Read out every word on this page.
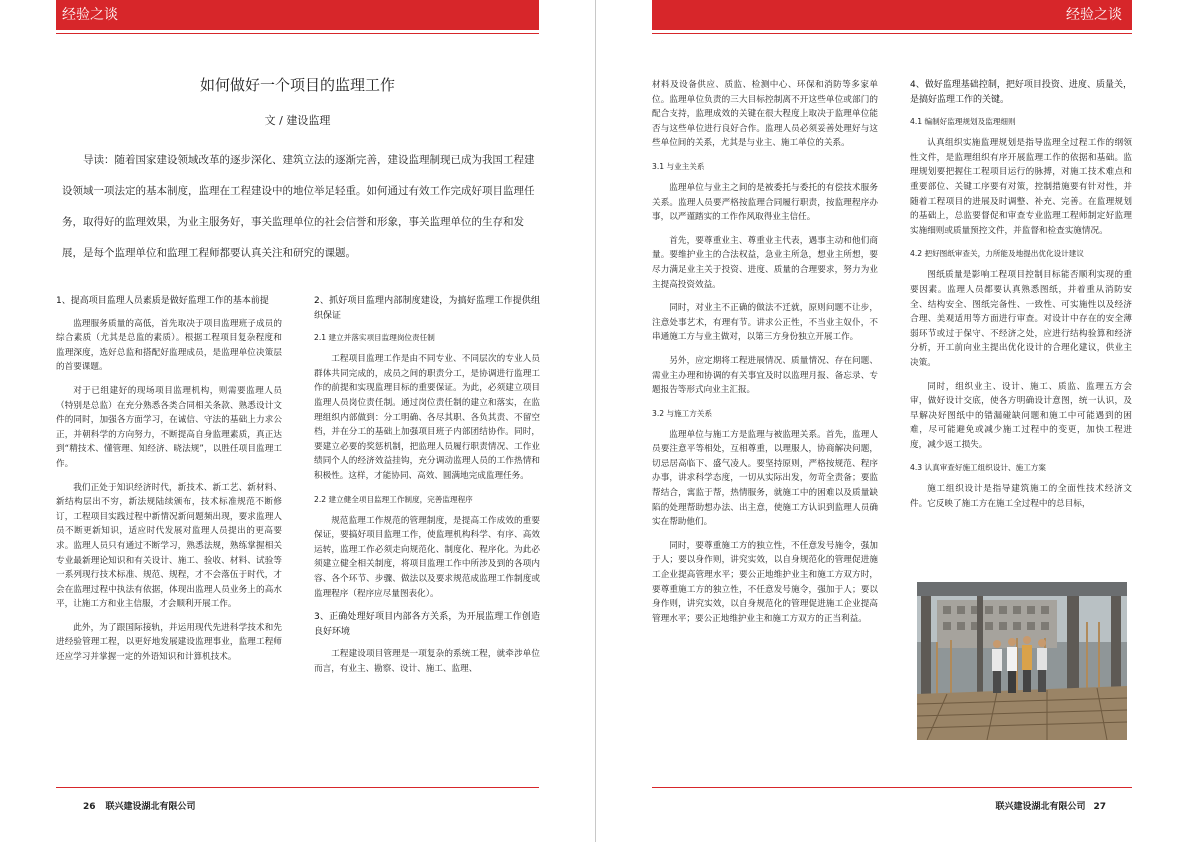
经验之谈
如何做好一个项目的监理工作
文 / 建设监理

导读：随着国家建设领域改革的逐步深化、建筑立法的逐渐完善，建设监理制现已成为我国工程建设领域一项法定的基本制度，监理在工程建设中的地位举足轻重。如何通过有效工作完成好项目监理任务，取得好的监理效果，为业主服务好，事关监理单位的社会信誉和形象，事关监理单位的生存和发展，是每个监理单位和监理工程师都要认真关注和研究的课题。

1、提高项目监理人员素质是做好监理工作的基本前提

监理服务质量的高低，首先取决于项目监理班子成员的综合素质（尤其是总监的素质）。根据工程项目复杂程度和监理深度，选好总监和搭配好监理成员，是监理单位决策层的首要课题。

对于已组建好的现场项目监理机构，则需要监理人员（特别是总监）在充分熟悉各类合同相关条款、熟悉设计文件的同时，加强各方面学习，在诚信、守法的基础上力求公正，并朝科学的方向努力，不断提高自身监理素质，真正达到“精技术、懂管理、知经济、晓法规”，以胜任项目监理工作。

我们正处于知识经济时代，新技术、新工艺、新材料、新结构层出不穷，新法规陆续颁布，技术标准规范不断修订，工程项目实践过程中新情况新问题频出现，要求监理人员不断更新知识，适应时代发展对监理人员提出的更高要求。监理人员只有通过不断学习，熟悉法规，熟练掌握相关专业最新理论知识和有关设计、施工、验收、材料、试验等一系列现行技术标准、规范、规程，才不会落伍于时代，才会在监理过程中执法有依据，体现出监理人员业务上的高水平，让施工方和业主信服，才会顺利开展工作。

此外，为了跟国际接轨，并运用现代先进科学技术和先进经验管理工程，以更好地发展建设监理事业，监理工程师还应学习并掌握一定的外语知识和计算机技术。

2、抓好项目监理内部制度建设，为搞好监理工作提供组织保证
2.1 建立并落实项目监理岗位责任制

工程项目监理工作是由不同专业、不同层次的专业人员群体共同完成的，成员之间的职责分工，是协调进行监理工作的前提和实现监理目标的重要保证。为此，必须建立项目监理人员岗位责任制。通过岗位责任制的建立和落实，在监理组织内部做到：分工明确、各尽其职、各负其责、不留空档，并在分工的基础上加强项目班子内部团结协作。同时，要建立必要的奖惩机制，把监理人员履行职责情况、工作业绩同个人的经济效益挂钩，充分调动监理人员的工作热情和积极性。这样，才能协同、高效、圆满地完成监理任务。

2.2 建立健全项目监理工作制度，完善监理程序

规范监理工作规范的管理制度，是提高工作成效的重要保证，要搞好项目监理工作，使监理机构科学、有序、高效运转，监理工作必须走向规范化、制度化、程序化。为此必须建立健全相关制度，将项目监理工作中所涉及到的各项内容、各个环节、步骤、做法以及要求规范成监理工作制度或监理程序（程序应尽量图表化）。

3、正确处理好项目内部各方关系，为开展监理工作创造良好环境

工程建设项目管理是一项复杂的系统工程，就牵涉单位而言，有业主、勘察、设计、施工、监理、

26 联兴建设湖北有限公司
经验之谈

材料及设备供应、质监、检测中心、环保和消防等多家单位。监理单位负责的三大目标控制离不开这些单位或部门的配合支持，监理成效的关键在很大程度上取决于监理单位能否与这些单位进行良好合作。监理人员必须妥善处理好与这些单位间的关系，尤其是与业主、施工单位的关系。

3.1 与业主关系

监理单位与业主之间的是被委托与委托的有偿技术服务关系。监理人员要严格按监理合同履行职责，按监理程序办事，以严谨踏实的工作作风取得业主信任。

首先，要尊重业主、尊重业主代表，遇事主动和他们商量。要维护业主的合法权益，急业主所急，想业主所想，要尽力满足业主关于投资、进度、质量的合理要求，努力为业主提高投资效益。

同时，对业主不正确的做法不迁就，原则问题不让步，注意处事艺术，有理有节。讲求公正性，不当业主奴仆，不串通施工方与业主做对，以第三方身份独立开展工作。

另外，应定期将工程进展情况、质量情况、存在问题、需业主办理和协调的有关事宜及时以监理月报、备忘录、专题报告等形式向业主汇报。

3.2 与施工方关系

监理单位与施工方是监理与被监理关系。首先，监理人员要注意平等相处，互相尊重，以理服人，协商解决问题，切忌居高临下、盛气凌人。要坚持原则，严格按规范、程序办事，讲求科学态度，一切从实际出发，勿苛全责备；要监帮结合，寓监于帮，热情服务，就施工中的困难以及质量缺陷的处理帮助想办法、出主意，使施工方认识到监理人员确实在帮助他们。

同时，要尊重施工方的独立性，不任意发号施令，强加于人；要以身作则，讲究实效，以自身规范化的管理促进施工企业提高管理水平；要公正地维护业主和施工方双方时，要尊重施工方的独立性，不任意发号施令，强加于人；要以身作则，讲究实效，以自身规范化的管理促进施工企业提高管理水平；要公正地维护业主和施工方双方的正当利益。

4、做好监理基础控制，把好项目投资、进度、质量关，是搞好监理工作的关键。
4.1 编制好监理规划及监理细则

认真组织实施监理规划是指导监理全过程工作的纲领性文件，是监理组织有序开展监理工作的依据和基础。监理规划要把握住工程项目运行的脉搏，对施工技术难点和重要部位、关键工序要有对策，控制措施要有针对性，并随着工程项目的进展及时调整、补充、完善。在监理规划的基础上，总监要督促和审查专业监理工程师制定好监理实施细则或质量预控文件，并监督和检查实施情况。

4.2 把好图纸审查关，力所能及地提出优化设计建议

图纸质量是影响工程项目控制目标能否顺利实现的重要因素。监理人员都要认真熟悉图纸，并着重从消防安全、结构安全、图纸完备性、一致性、可实施性以及经济合理、美观适用等方面进行审查。对设计中存在的安全薄弱环节或过于保守、不经济之处，应进行结构验算和经济分析，开工前向业主提出优化设计的合理化建议，供业主决策。

同时，组织业主、设计、施工、质监、监理五方会审，做好设计交底，使各方明确设计意图，统一认识，及早解决好图纸中的错漏碰缺问题和施工中可能遇到的困难，尽可能避免或减少施工过程中的变更，加快工程进度，减少返工损失。

4.3 认真审查好施工组织设计、施工方案

施工组织设计是指导建筑施工的全面性技术经济文件。它反映了施工方在施工全过程中的总目标，

联兴建设湖北有限公司 27
